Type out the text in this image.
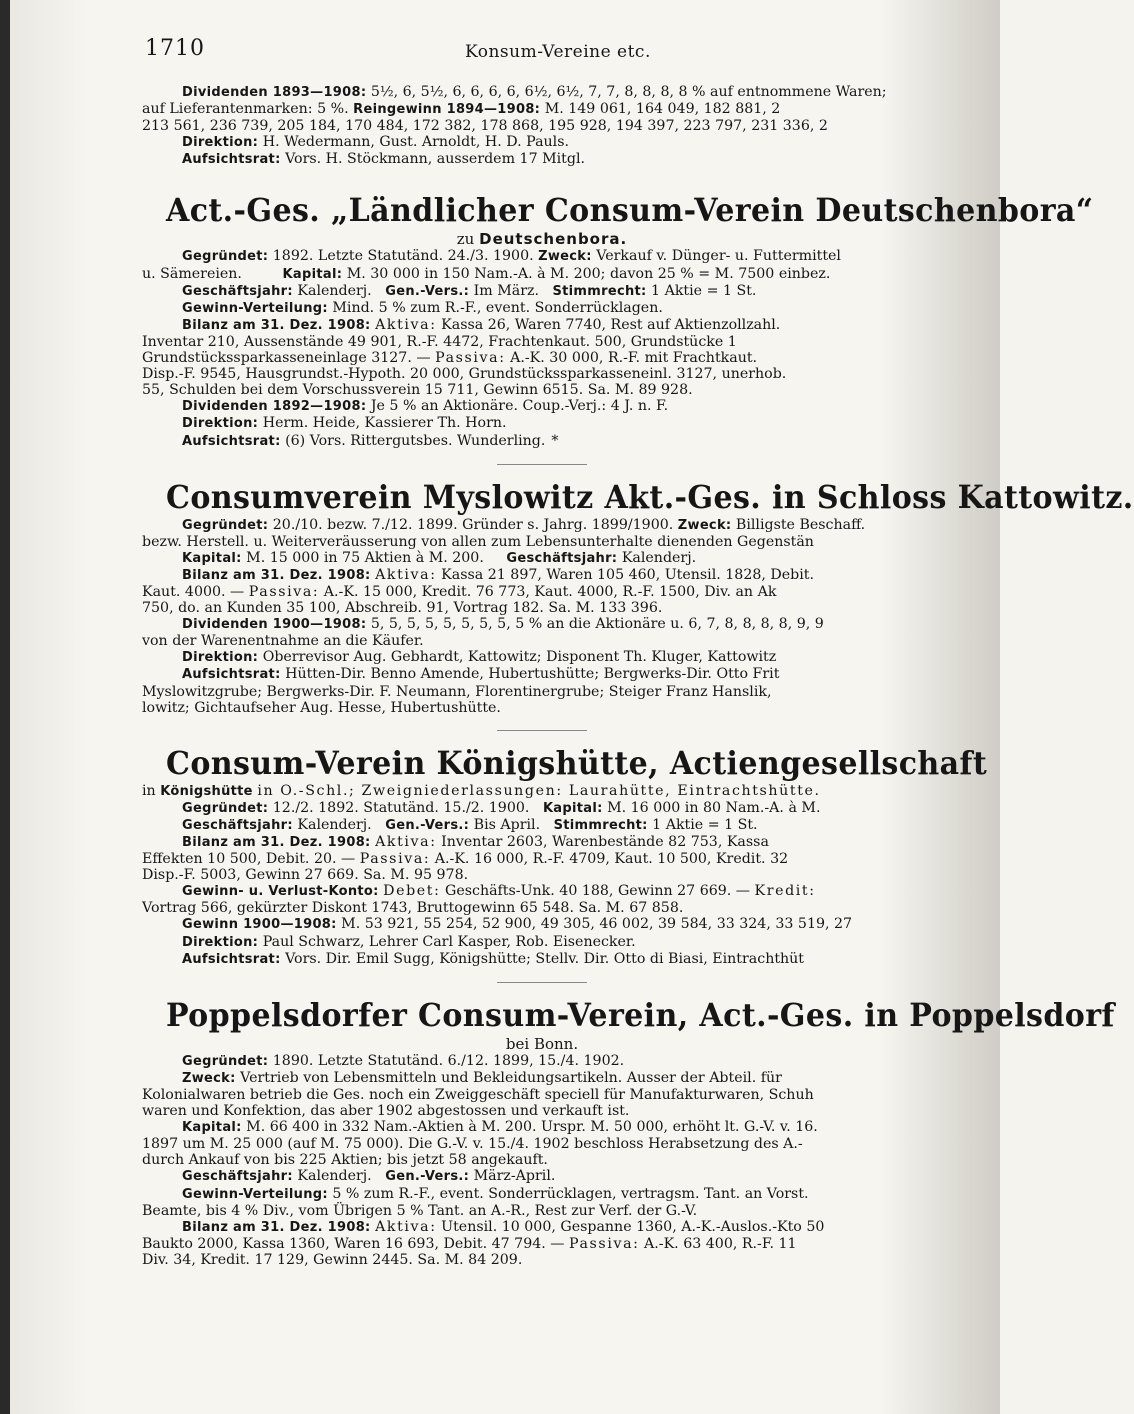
1710	Konsum-Vereine etc.
Dividenden 1893—1908: 5½, 6, 5½, 6, 6, 6, 6, 6½, 6½, 7, 7, 8, 8, 8, 8 % auf entnommene Waren;
auf Lieferantenmarken: 5 %. Reingewinn 1894—1908: M. 149 061, 164 049, 182 881, 2
213 561, 236 739, 205 184, 170 484, 172 382, 178 868, 195 928, 194 397, 223 797, 231 336, 2
Direktion: H. Wedermann, Gust. Arnoldt, H. D. Pauls.
Aufsichtsrat: Vors. H. Stöckmann, ausserdem 17 Mitgl.
Act.-Ges. „Ländlicher Consum-Verein Deutschenbora“
zu Deutschenbora.
Gegründet: 1892. Letzte Statutänd. 24./3. 1900. Zweck: Verkauf v. Dünger- u. Futtermittel
u. Sämereien.	Kapital: M. 30 000 in 150 Nam.-A. à M. 200; davon 25 % = M. 7500 einbez.
Geschäftsjahr: Kalenderj. Gen.-Vers.: Im März. Stimmrecht: 1 Aktie = 1 St.
Gewinn-Verteilung: Mind. 5 % zum R.-F., event. Sonderrücklagen.
Bilanz am 31. Dez. 1908: Aktiva: Kassa 26, Waren 7740, Rest auf Aktienzollzahl.
Inventar 210, Aussenstände 49 901, R.-F. 4472, Frachtenkaut. 500, Grundstücke 1
Grundstückssparkasseneinlage 3127. — Passiva: A.-K. 30 000, R.-F. mit Frachtkaut.
Disp.-F. 9545, Hausgrundst.-Hypoth. 20 000, Grundstückssparkasseneinl. 3127, unerhob.
55, Schulden bei dem Vorschussverein 15 711, Gewinn 6515. Sa. M. 89 928.
Dividenden 1892—1908: Je 5 % an Aktionäre. Coup.-Verj.: 4 J. n. F.
Direktion: Herm. Heide, Kassierer Th. Horn.
Aufsichtsrat: (6) Vors. Rittergutsbes. Wunderling. *
Consumverein Myslowitz Akt.-Ges. in Schloss Kattowitz.
Gegründet: 20./10. bezw. 7./12. 1899. Gründer s. Jahrg. 1899/1900. Zweck: Billigste Beschaff.
bezw. Herstell. u. Weiterveräusserung von allen zum Lebensunterhalte dienenden Gegenstän
Kapital: M. 15 000 in 75 Aktien à M. 200. Geschäftsjahr: Kalenderj.
Bilanz am 31. Dez. 1908: Aktiva: Kassa 21 897, Waren 105 460, Utensil. 1828, Debit.
Kaut. 4000. — Passiva: A.-K. 15 000, Kredit. 76 773, Kaut. 4000, R.-F. 1500, Div. an Ak
750, do. an Kunden 35 100, Abschreib. 91, Vortrag 182. Sa. M. 133 396.
Dividenden 1900—1908: 5, 5, 5, 5, 5, 5, 5, 5, 5 % an die Aktionäre u. 6, 7, 8, 8, 8, 8, 9, 9
von der Warenentnahme an die Käufer.
Direktion: Oberrevisor Aug. Gebhardt, Kattowitz; Disponent Th. Kluger, Kattowitz
Aufsichtsrat: Hütten-Dir. Benno Amende, Hubertushütte; Bergwerks-Dir. Otto Frit
Myslowitzgrube; Bergwerks-Dir. F. Neumann, Florentinergrube; Steiger Franz Hanslik,
lowitz; Gichtaufseher Aug. Hesse, Hubertushütte.
Consum-Verein Königshütte, Actiengesellschaft
in Königshütte in O.-Schl.; Zweigniederlassungen: Laurahütte, Eintrachtshütte.
Gegründet: 12./2. 1892. Statutänd. 15./2. 1900. Kapital: M. 16 000 in 80 Nam.-A. à M.
Geschäftsjahr: Kalenderj. Gen.-Vers.: Bis April. Stimmrecht: 1 Aktie = 1 St.
Bilanz am 31. Dez. 1908: Aktiva: Inventar 2603, Warenbestände 82 753, Kassa
Effekten 10 500, Debit. 20. — Passiva: A.-K. 16 000, R.-F. 4709, Kaut. 10 500, Kredit. 32
Disp.-F. 5003, Gewinn 27 669. Sa. M. 95 978.
Gewinn- u. Verlust-Konto: Debet: Geschäfts-Unk. 40 188, Gewinn 27 669. — Kredit:
Vortrag 566, gekürzter Diskont 1743, Bruttogewinn 65 548. Sa. M. 67 858.
Gewinn 1900—1908: M. 53 921, 55 254, 52 900, 49 305, 46 002, 39 584, 33 324, 33 519, 27
Direktion: Paul Schwarz, Lehrer Carl Kasper, Rob. Eisenecker.
Aufsichtsrat: Vors. Dir. Emil Sugg, Königshütte; Stellv. Dir. Otto di Biasi, Eintrachthüt
Poppelsdorfer Consum-Verein, Act.-Ges. in Poppelsdorf
bei Bonn.
Gegründet: 1890. Letzte Statutänd. 6./12. 1899, 15./4. 1902.
Zweck: Vertrieb von Lebensmitteln und Bekleidungsartikeln. Ausser der Abteil. für
Kolonialwaren betrieb die Ges. noch ein Zweiggeschäft speciell für Manufakturwaren, Schuh
waren und Konfektion, das aber 1902 abgestossen und verkauft ist.
Kapital: M. 66 400 in 332 Nam.-Aktien à M. 200. Urspr. M. 50 000, erhöht lt. G.-V. v. 16.
1897 um M. 25 000 (auf M. 75 000). Die G.-V. v. 15./4. 1902 beschloss Herabsetzung des A.-
durch Ankauf von bis 225 Aktien; bis jetzt 58 angekauft.
Geschäftsjahr: Kalenderj. Gen.-Vers.: März-April.
Gewinn-Verteilung: 5 % zum R.-F., event. Sonderrücklagen, vertragsm. Tant. an Vorst.
Beamte, bis 4 % Div., vom Übrigen 5 % Tant. an A.-R., Rest zur Verf. der G.-V.
Bilanz am 31. Dez. 1908: Aktiva: Utensil. 10 000, Gespanne 1360, A.-K.-Auslos.-Kto 50
Baukto 2000, Kassa 1360, Waren 16 693, Debit. 47 794. — Passiva: A.-K. 63 400, R.-F. 11
Div. 34, Kredit. 17 129, Gewinn 2445. Sa. M. 84 209.
